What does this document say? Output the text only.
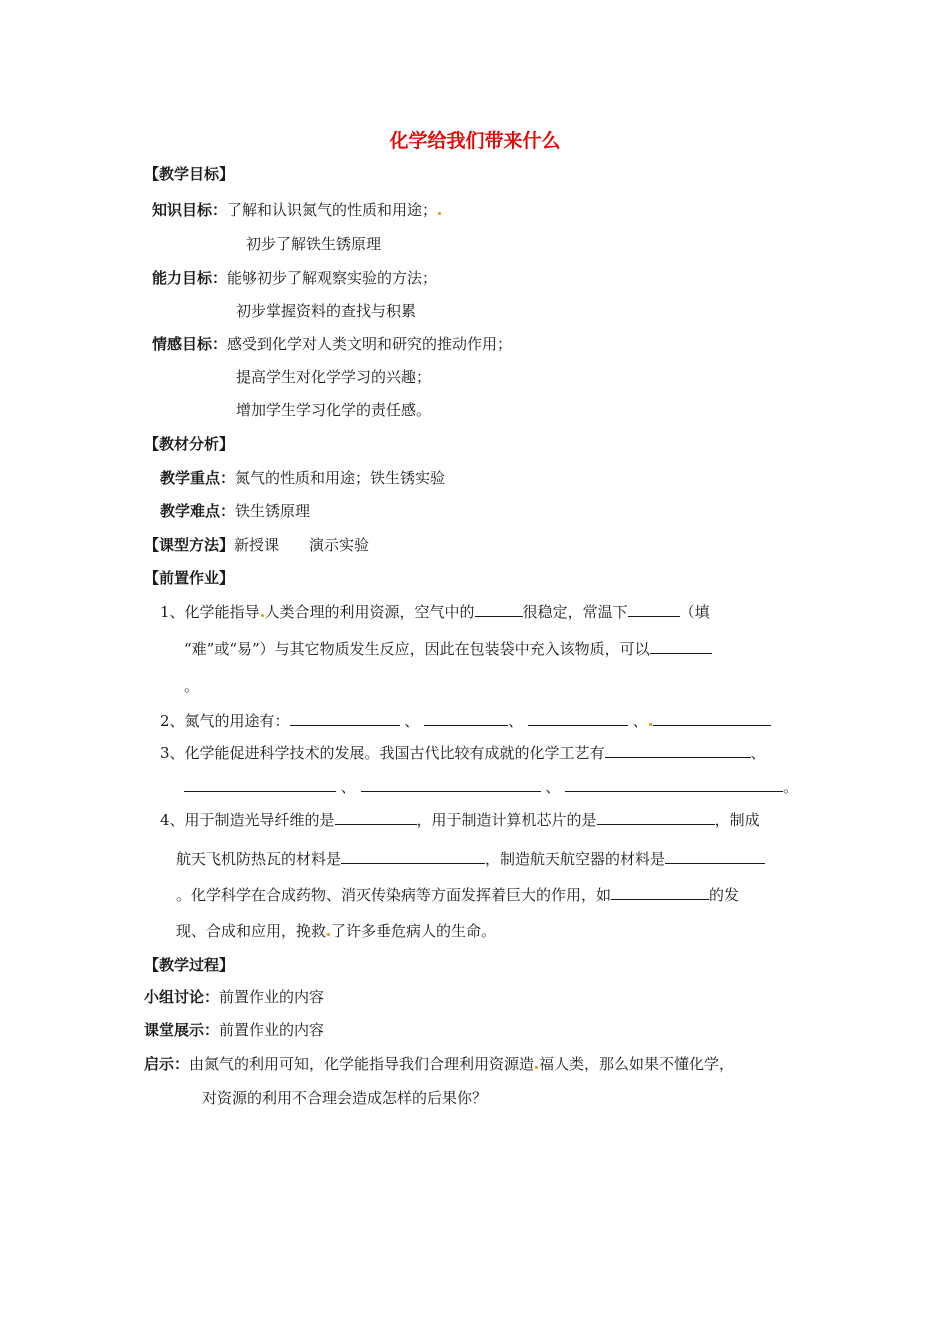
化学给我们带来什么
【教学目标】
知识目标：了解和认识氮气的性质和用途；
初步了解铁生锈原理
能力目标：能够初步了解观察实验的方法；
初步掌握资料的查找与积累
情感目标：感受到化学对人类文明和研究的推动作用；
提高学生对化学学习的兴趣；
增加学生学习化学的责任感。
【教材分析】
教学重点：氮气的性质和用途；铁生锈实验
教学难点：铁生锈原理
【课型方法】新授课　　演示实验
【前置作业】
1、化学能指导 人类合理的利用资源，空气中的	很稳定，常温下	（填
“难”或“易”）与其它物质发生反应，因此在包装袋中充入该物质，可以
。
2、氮气的用途有：	、	、	、
3、化学能促进科学技术的发展。我国古代比较有成就的化学工艺有	、
、	、	。
4、用于制造光导纤维的是	，用于制造计算机芯片的是	，制成
航天飞机防热瓦的材料是	，制造航天航空器的材料是
。化学科学在合成药物、消灭传染病等方面发挥着巨大的作用，如	的发
现、合成和应用，挽救 了许多垂危病人的生命。
【教学过程】
小组讨论：前置作业的内容
课堂展示：前置作业的内容
启示：由氮气的利用可知，化学能指导我们合理利用资源造 福人类，那么如果不懂化学，
对资源的利用不合理会造成怎样的后果你？
